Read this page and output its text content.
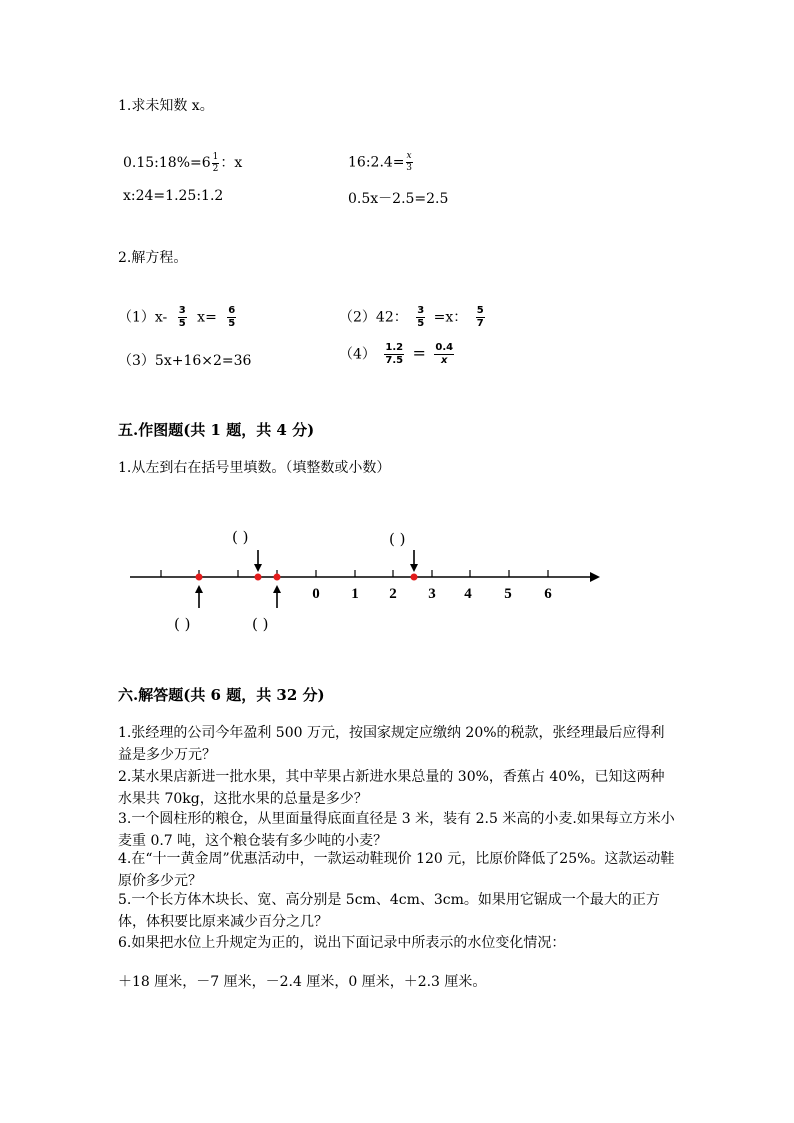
1.求未知数 x。
0.15:18%=6 $\frac{1}{2}$ ：x	16:2.4= $\frac{x}{3}$
x:24=1.25:1.2	0.5x－2.5=2.5
2.解方程。
$(1)x- \frac{3}{5} x= \frac{6}{5}$	（2）42： $\frac{3}{5} =x$： $\frac{5}{7}$
（3）5x+16×2=36	$(4) \frac{1.2}{7.5} = \frac{0.4}{x}$
五.作图题(共 1 题，共 4 分)
1.从左到右在括号里填数。（填整数或小数）
0 1 2 3 4 5 6
( )	( )
( )	( )
六.解答题(共 6 题，共 32 分)
1.张经理的公司今年盈利 500 万元，按国家规定应缴纳 20%的税款，张经理最后应得利益是多少万元？
2.某水果店新进一批水果，其中苹果占新进水果总量的 30%，香蕉占 40%，已知这两种水果共 70kg，这批水果的总量是多少？
3.一个圆柱形的粮仓，从里面量得底面直径是 3 米，装有 2.5 米高的小麦.如果每立方米小麦重 0.7 吨，这个粮仓装有多少吨的小麦？
4.在“十一黄金周”优惠活动中，一款运动鞋现价 120 元，比原价降低了25%。这款运动鞋原价多少元？
5.一个长方体木块长、宽、高分别是 5cm、4cm、3cm。如果用它锯成一个最大的正方体，体积要比原来减少百分之几？
6.如果把水位上升规定为正的，说出下面记录中所表示的水位变化情况：
＋18 厘米，－7 厘米，－2.4 厘米，0 厘米，＋2.3 厘米。
